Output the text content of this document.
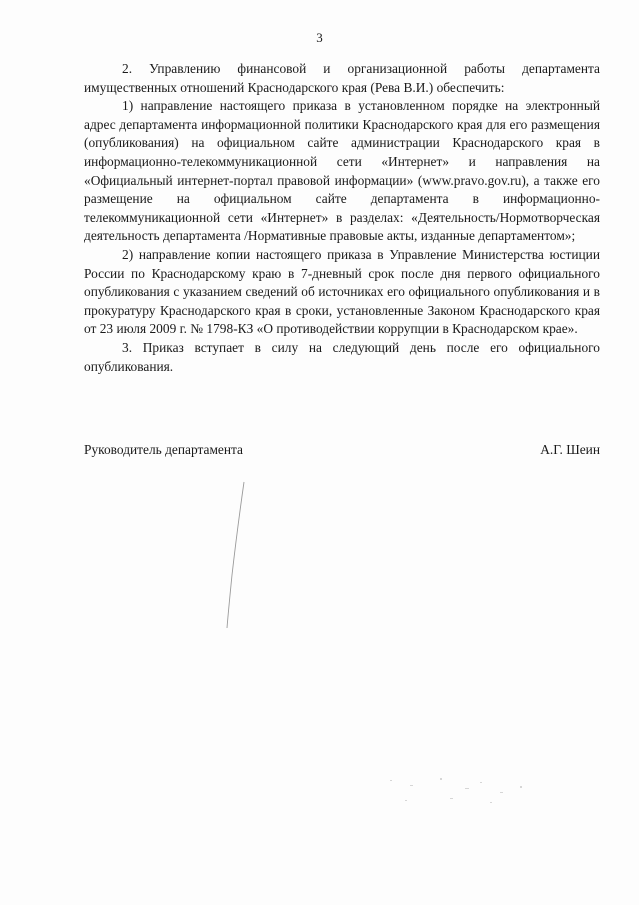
3

2. Управлению финансовой и организационной работы департамента имущественных отношений Краснодарского края (Рева В.И.) обеспечить:

1) направление настоящего приказа в установленном порядке на электронный адрес департамента информационной политики Краснодарского края для его размещения (опубликования) на официальном сайте администрации Краснодарского края в информационно-телекоммуникационной сети «Интернет» и направления на «Официальный интернет-портал правовой информации» (www.pravo.gov.ru), а также его размещение на официальном сайте департамента в информационно-телекоммуникационной сети «Интернет» в разделах: «Деятельность/Нормотворческая деятельность департамента /Нормативные правовые акты, изданные департаментом»;

2) направление копии настоящего приказа в Управление Министерства юстиции России по Краснодарскому краю в 7-дневный срок после дня первого официального опубликования с указанием сведений об источниках его официального опубликования и в прокуратуру Краснодарского края в сроки, установленные Законом Краснодарского края от 23 июля 2009 г. № 1798-КЗ «О противодействии коррупции в Краснодарском крае».

3. Приказ вступает в силу на следующий день после его официального опубликования.

Руководитель департамента	А.Г. Шеин
